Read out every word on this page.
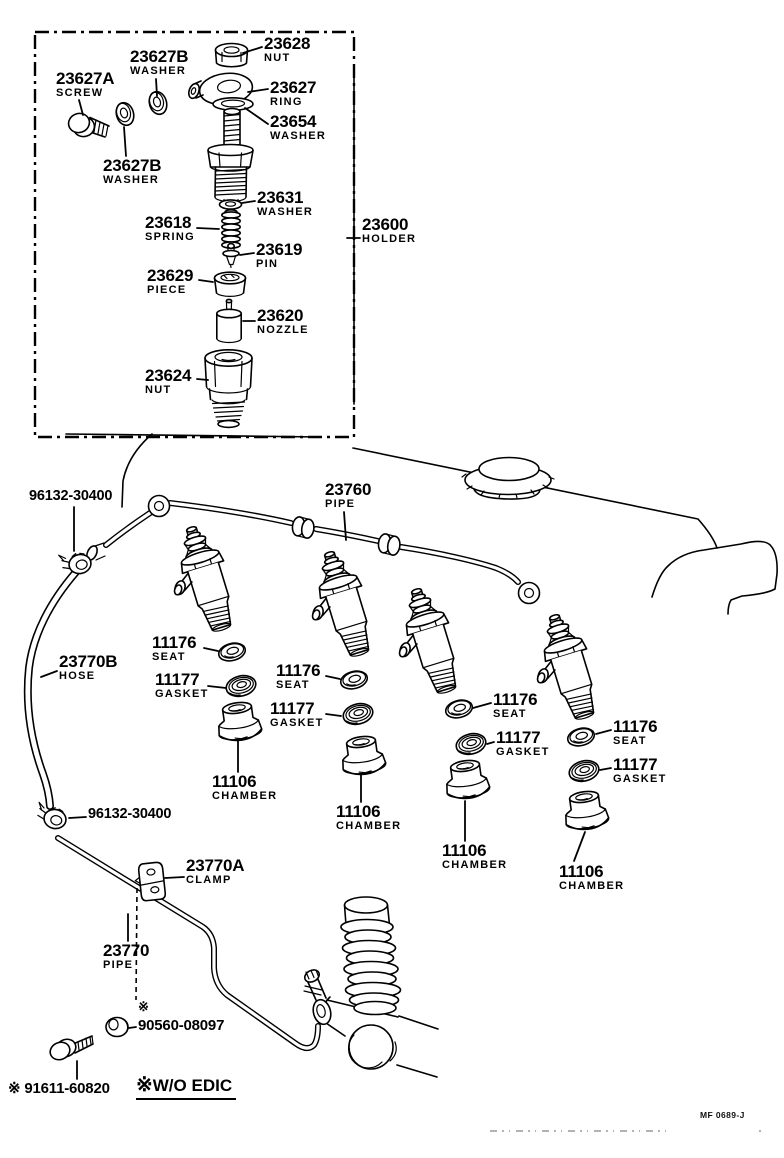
23628
NUT
23627B
WASHER
23627A
SCREW	23627
RING
23654
WASHER
23627B
WASHER
23631
WASHER
23618
SPRING
23619
PIN
23629
PIECE
23620
NOZZLE
23624
NUT
23600
HOLDER
96132-30400	23760
PIPE
11176
SEAT
23770B
HOSE	11177
GASKET
11176
SEAT
11177
GASKET
11106
CHAMBER
11106
CHAMBER
11176
SEAT
11177
GASKET
11106
CHAMBER
11176
SEAT
11177
GASKET
11106
CHAMBER
96132-30400
23770A
CLAMP
23770
PIPE
90560-08097
※ 91611-60820
※
※W/O EDIC
MF 0689-J
